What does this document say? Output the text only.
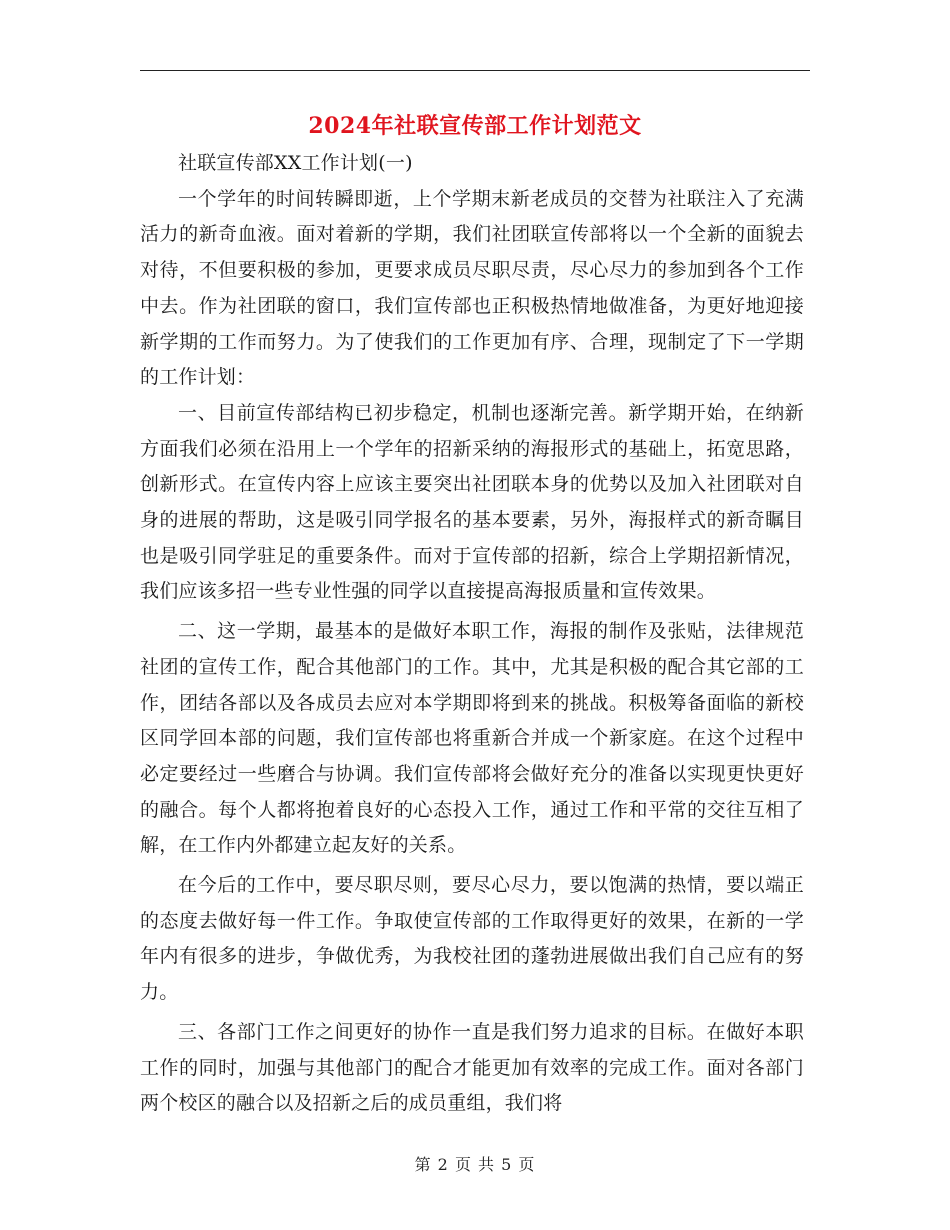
2024年社联宣传部工作计划范文

社联宣传部XX工作计划(一)

一个学年的时间转瞬即逝，上个学期末新老成员的交替为社联注入了充满活力的新奇血液。面对着新的学期，我们社团联宣传部将以一个全新的面貌去对待，不但要积极的参加，更要求成员尽职尽责，尽心尽力的参加到各个工作中去。作为社团联的窗口，我们宣传部也正积极热情地做准备，为更好地迎接新学期的工作而努力。为了使我们的工作更加有序、合理，现制定了下一学期的工作计划：

一、目前宣传部结构已初步稳定，机制也逐渐完善。新学期开始，在纳新方面我们必须在沿用上一个学年的招新采纳的海报形式的基础上，拓宽思路，创新形式。在宣传内容上应该主要突出社团联本身的优势以及加入社团联对自身的进展的帮助，这是吸引同学报名的基本要素，另外，海报样式的新奇瞩目也是吸引同学驻足的重要条件。而对于宣传部的招新，综合上学期招新情况，我们应该多招一些专业性强的同学以直接提高海报质量和宣传效果。

二、这一学期，最基本的是做好本职工作，海报的制作及张贴，法律规范社团的宣传工作，配合其他部门的工作。其中，尤其是积极的配合其它部的工作，团结各部以及各成员去应对本学期即将到来的挑战。积极筹备面临的新校区同学回本部的问题，我们宣传部也将重新合并成一个新家庭。在这个过程中必定要经过一些磨合与协调。我们宣传部将会做好充分的准备以实现更快更好的融合。每个人都将抱着良好的心态投入工作，通过工作和平常的交往互相了解，在工作内外都建立起友好的关系。

在今后的工作中，要尽职尽则，要尽心尽力，要以饱满的热情，要以端正的态度去做好每一件工作。争取使宣传部的工作取得更好的效果，在新的一学年内有很多的进步，争做优秀，为我校社团的蓬勃进展做出我们自己应有的努力。

三、各部门工作之间更好的协作一直是我们努力追求的目标。在做好本职工作的同时，加强与其他部门的配合才能更加有效率的完成工作。面对各部门两个校区的融合以及招新之后的成员重组，我们将

第 2 页 共 5 页
